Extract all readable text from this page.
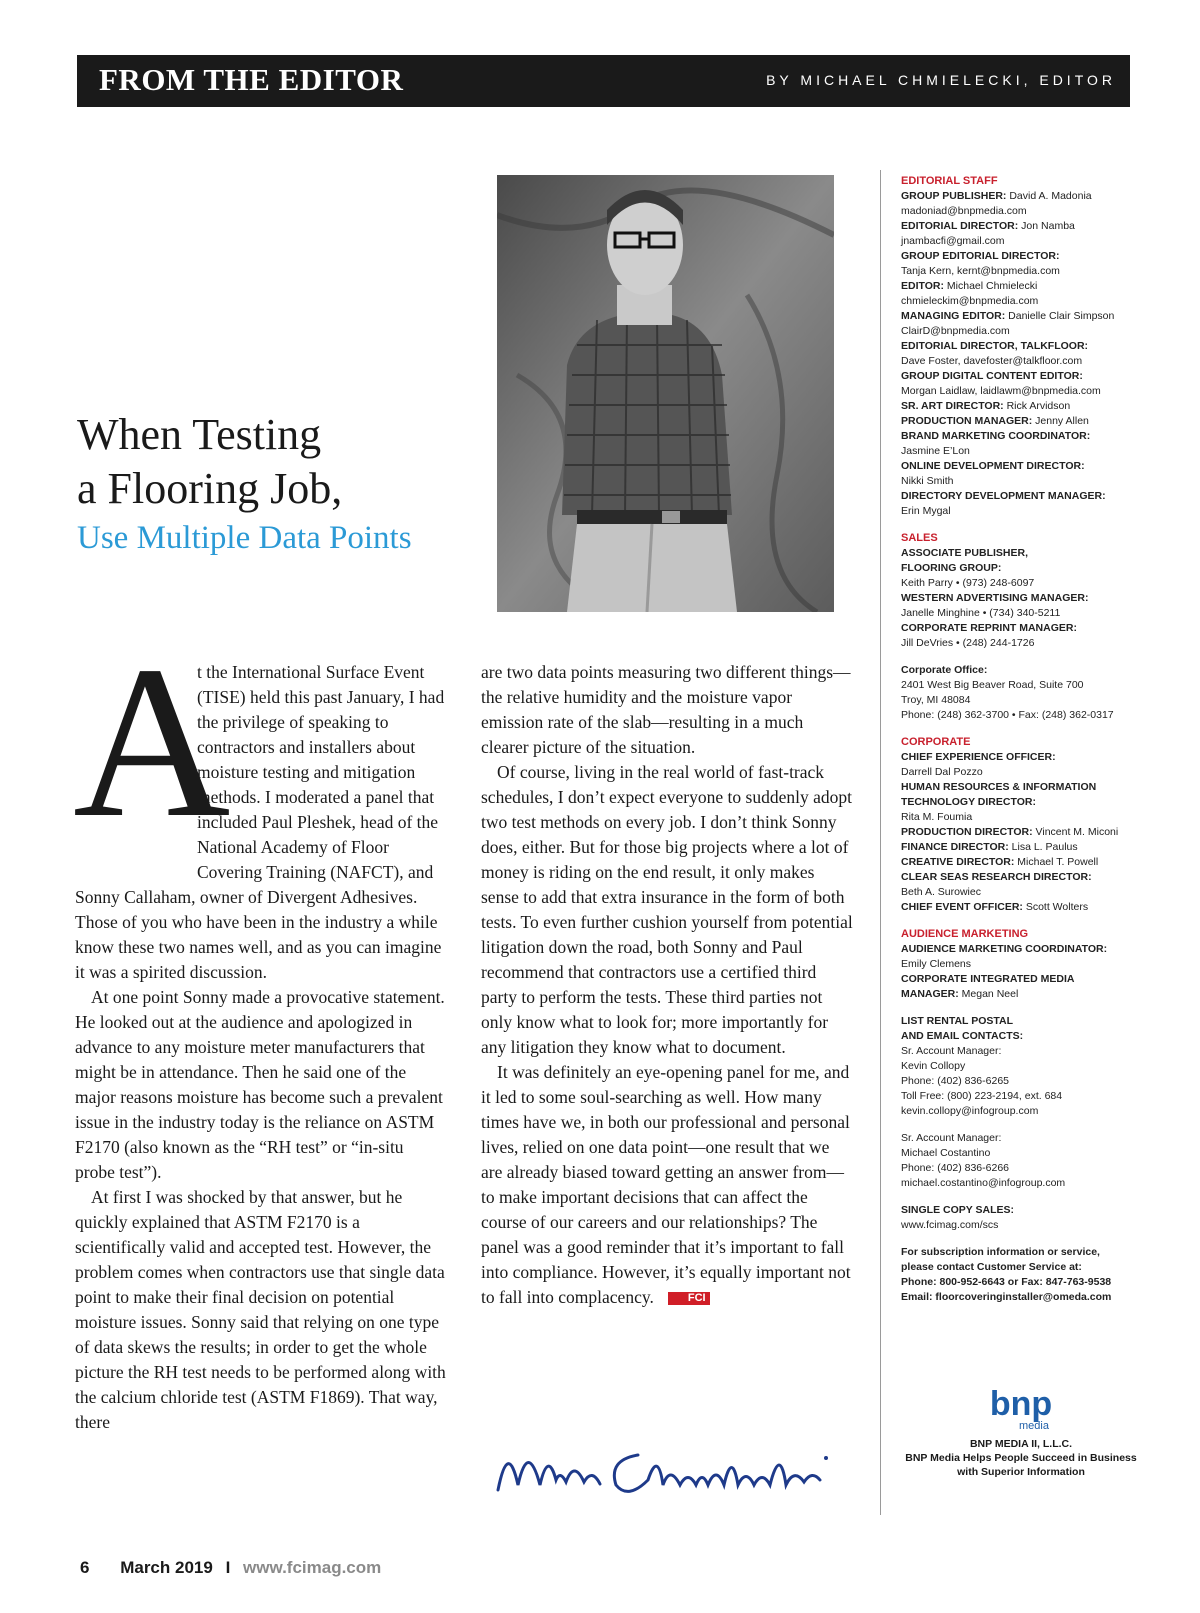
FROM THE EDITOR	BY MICHAEL CHMIELECKI, EDITOR
When Testing
a Flooring Job,
Use Multiple Data Points
A

t the International Surface Event (TISE) held this past January, I had the privilege of speaking to contractors and installers about moisture testing and mitigation methods. I moderated a panel that included Paul Pleshek, head of the National Academy of Floor Covering Training (NAFCT), and Sonny Callaham, owner of Divergent Adhesives. Those of you who have been in the industry a while know these two names well, and as you can imagine it was a spirited discussion.

At one point Sonny made a provocative statement. He looked out at the audience and apologized in advance to any moisture meter manufacturers that might be in attendance. Then he said one of the major reasons moisture has become such a prevalent issue in the industry today is the reliance on ASTM F2170 (also known as the “RH test” or “in-situ probe test”).

At first I was shocked by that answer, but he quickly explained that ASTM F2170 is a scientifically valid and accepted test. However, the problem comes when contractors use that single data point to make their final decision on potential moisture issues. Sonny said that relying on one type of data skews the results; in order to get the whole picture the RH test needs to be performed along with the calcium chloride test (ASTM F1869). That way, there

are two data points measuring two different things—the relative humidity and the moisture vapor emission rate of the slab—resulting in a much clearer picture of the situation.

Of course, living in the real world of fast-track schedules, I don’t expect everyone to suddenly adopt two test methods on every job. I don’t think Sonny does, either. But for those big projects where a lot of money is riding on the end result, it only makes sense to add that extra insurance in the form of both tests. To even further cushion yourself from potential litigation down the road, both Sonny and Paul recommend that contractors use a certified third party to perform the tests. These third parties not only know what to look for; more importantly for any litigation they know what to document.

It was definitely an eye-opening panel for me, and it led to some soul-searching as well. How many times have we, in both our professional and personal lives, relied on one data point—one result that we are already biased toward getting an answer from—to make important decisions that can affect the course of our careers and our relationships? The panel was a good reminder that it’s important to fall into compliance. However, it’s equally important not to fall into complacency.	FCI

EDITORIAL STAFF
GROUP PUBLISHER: David A. Madonia
madoniad@bnpmedia.com
EDITORIAL DIRECTOR: Jon Namba
jnambacfi@gmail.com
GROUP EDITORIAL DIRECTOR:
Tanja Kern, kernt@bnpmedia.com
EDITOR: Michael Chmielecki
chmieleckim@bnpmedia.com
MANAGING EDITOR: Danielle Clair Simpson
ClairD@bnpmedia.com
EDITORIAL DIRECTOR, TALKFLOOR:
Dave Foster, davefoster@talkfloor.com
GROUP DIGITAL CONTENT EDITOR:
Morgan Laidlaw, laidlawm@bnpmedia.com
SR. ART DIRECTOR: Rick Arvidson
PRODUCTION MANAGER: Jenny Allen
BRAND MARKETING COORDINATOR:
Jasmine E’Lon
ONLINE DEVELOPMENT DIRECTOR:
Nikki Smith
DIRECTORY DEVELOPMENT MANAGER:
Erin Mygal
SALES
ASSOCIATE PUBLISHER,
FLOORING GROUP:
Keith Parry • (973) 248-6097
WESTERN ADVERTISING MANAGER:
Janelle Minghine • (734) 340-5211
CORPORATE REPRINT MANAGER:
Jill DeVries • (248) 244-1726
Corporate Office:
2401 West Big Beaver Road, Suite 700
Troy, MI 48084
Phone: (248) 362-3700 • Fax: (248) 362-0317
CORPORATE
CHIEF EXPERIENCE OFFICER:
Darrell Dal Pozzo
HUMAN RESOURCES & INFORMATION
TECHNOLOGY DIRECTOR:
Rita M. Foumia
PRODUCTION DIRECTOR: Vincent M. Miconi
FINANCE DIRECTOR: Lisa L. Paulus
CREATIVE DIRECTOR: Michael T. Powell
CLEAR SEAS RESEARCH DIRECTOR:
Beth A. Surowiec
CHIEF EVENT OFFICER: Scott Wolters
AUDIENCE MARKETING
AUDIENCE MARKETING COORDINATOR:
Emily Clemens
CORPORATE INTEGRATED MEDIA
MANAGER: Megan Neel
LIST RENTAL POSTAL
AND EMAIL CONTACTS:
Sr. Account Manager:
Kevin Collopy
Phone: (402) 836-6265
Toll Free: (800) 223-2194, ext. 684
kevin.collopy@infogroup.com
Sr. Account Manager:
Michael Costantino
Phone: (402) 836-6266
michael.costantino@infogroup.com
SINGLE COPY SALES:
www.fcimag.com/scs
For subscription information or service,
please contact Customer Service at:
Phone: 800-952-6643 or Fax: 847-763-9538
Email: floorcoveringinstaller@omeda.com
bnp
media
BNP MEDIA II, L.L.C.
BNP Media Helps People Succeed in Business with Superior Information
6 March 2019 I www.fcimag.com
